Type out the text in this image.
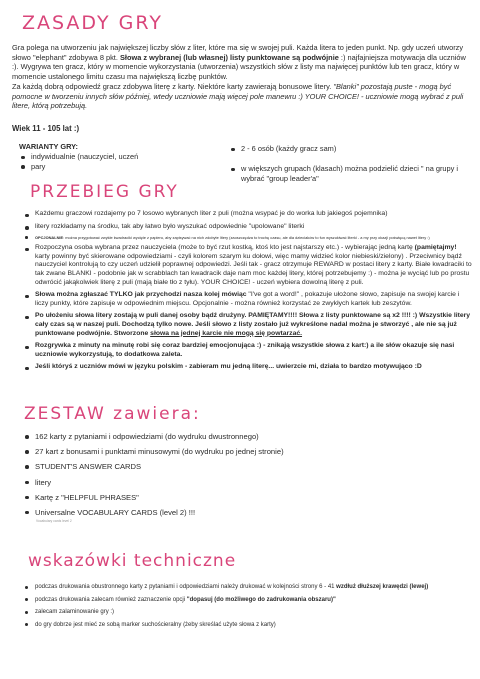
ZASADY GRY
Gra polega na utworzeniu jak największej liczby słów z liter, które ma się w swojej puli. Każda litera to jeden punkt. Np. gdy uczeń utworzy słowo "elephant" zdobywa 8 pkt. Słowa z wybranej (lub własnej) listy punktowane są podwójnie :) najfajniejsza motywacja dla uczniów :). Wygrywa ten gracz, który w momencie wykorzystania (utworzenia) wszystkich słów z listy ma najwięcej punktów lub ten gracz, który w momencie ustalonego limitu czasu ma największą liczbę punktów.
Za każdą dobrą odpowiedź gracz zdobywa literę z karty. Niektóre karty zawierają bonusowe litery. "Blanki" pozostają puste - mogą być pomocne w tworzeniu innych słów później, wtedy uczniowie mają więcej pole manewru :) YOUR CHOICE! - uczniowie mogą wybrać z puli litere, którą potrzebują.
Wiek 11 - 105 lat :)
WARIANTY GRY:
indywidualnie (nauczyciel, uczeń
pary
2 - 6 osób (każdy gracz sam)
w większych grupach (klasach) można podzielić dzieci " na grupy i wybrać "group leader'a"
PRZEBIEG GRY
Każdemu graczowi rozdajemy po 7 losowo wybranych liter z puli (można wsypać je do worka lub jakiegoś pojemnika)
litery rozkładamy na środku, tak aby łatwo było wyszukać odpowiednie "upolowane" literki
OPCJONALNIE: można przygotować zwykłe kwadraciki wycięte z papieru, aby zapisywać na nich zdobyte litery (zaoszczędza to trochę czasu, ale dla dzieciaków to fun wyszukiwać literki - a my przy okazji poświęcą nawet litery :)
Rozpoczyna osoba wybrana przez nauczyciela (może to być rzut kostką, ktoś kto jest najstarszy etc.) - wybierając jedną kartę (pamiętajmy! karty powinny być skierowane odpowiedziami - czyli kolorem szarym ku dołowi, więc mamy widzieć kolor niebieski/zielony) . Przeciwnicy bądź nauczyciel kontrolują to czy uczeń udzielił poprawnej odpowiedzi. Jeśli tak - gracz otrzymuje REWARD w postaci litery z karty. Białe kwadraciki to tak zwane BLANKI - podobnie jak w scrabblach tan kwadracik daje nam moc każdej litery, której potrzebujemy :) - można je wyciąć lub po prostu odwrócić jakąkolwiek literę z puli (mają białe tło z tyłu). YOUR CHOICE! - uczeń wybiera dowolną literę z puli.
Słowa można zgłaszać TYLKO jak przychodzi nasza kolej mówiąc "I've got a word!" , pokazuje ułożone słowo, zapisuje na swojej karcie i liczy punkty, które zapisuje w odpowiednim miejscu. Opcjonalnie - można również korzystać ze zwykłych kartek lub zeszytów.
Po ułożeniu słowa litery zostają w puli danej osoby bądź drużyny. PAMIĘTAMY!!!! Słowa z listy punktowane są x2 !!!! :) Wszystkie litery cały czas są w naszej puli. Dochodzą tylko nowe. Jeśli słowo z listy zostało już wykreślone nadal można je stworzyć , ale nie są już punktowane podwójnie. Stworzone słowa na jednej karcie nie mogą się powtarzać.
Rozgrywka z minuty na minutę robi się coraz bardziej emocjonująca :) - znikają wszystkie słowa z kart:) a ile słów okazuje się nasi uczniowie wykorzystują, to dodatkowa zaleta.
Jeśli któryś z uczniów mówi w języku polskim - zabieram mu jedną literę... uwierzcie mi, działa to bardzo motywująco :D
ZESTAW zawiera:
162 karty z pytaniami i odpowiedziami (do wydruku dwustronnego)
27 kart z bonusami i punktami minusowymi (do wydruku po jednej stronie)
STUDENT'S ANSWER CARDS
litery
Kartę z "HELPFUL PHRASES"
Universalne VOCABULARY CARDS (level 2) !!!
Vocabulary cards level 2
wskazówki techniczne
podczas drukowania obustronnego karty z pytaniami i odpowiedziami należy drukować w kolejności strony 6 - 41 wzdłuż dłuższej krawędzi (lewej)
podczas drukowania zalecam również zaznaczenie opcji "dopasuj (do możliwego do zadrukowania obszaru)"
zalecam zalaminowanie gry :)
do gry dobrze jest mieć ze sobą marker suchościeralny (żeby skreślać użyte słowa z karty)
